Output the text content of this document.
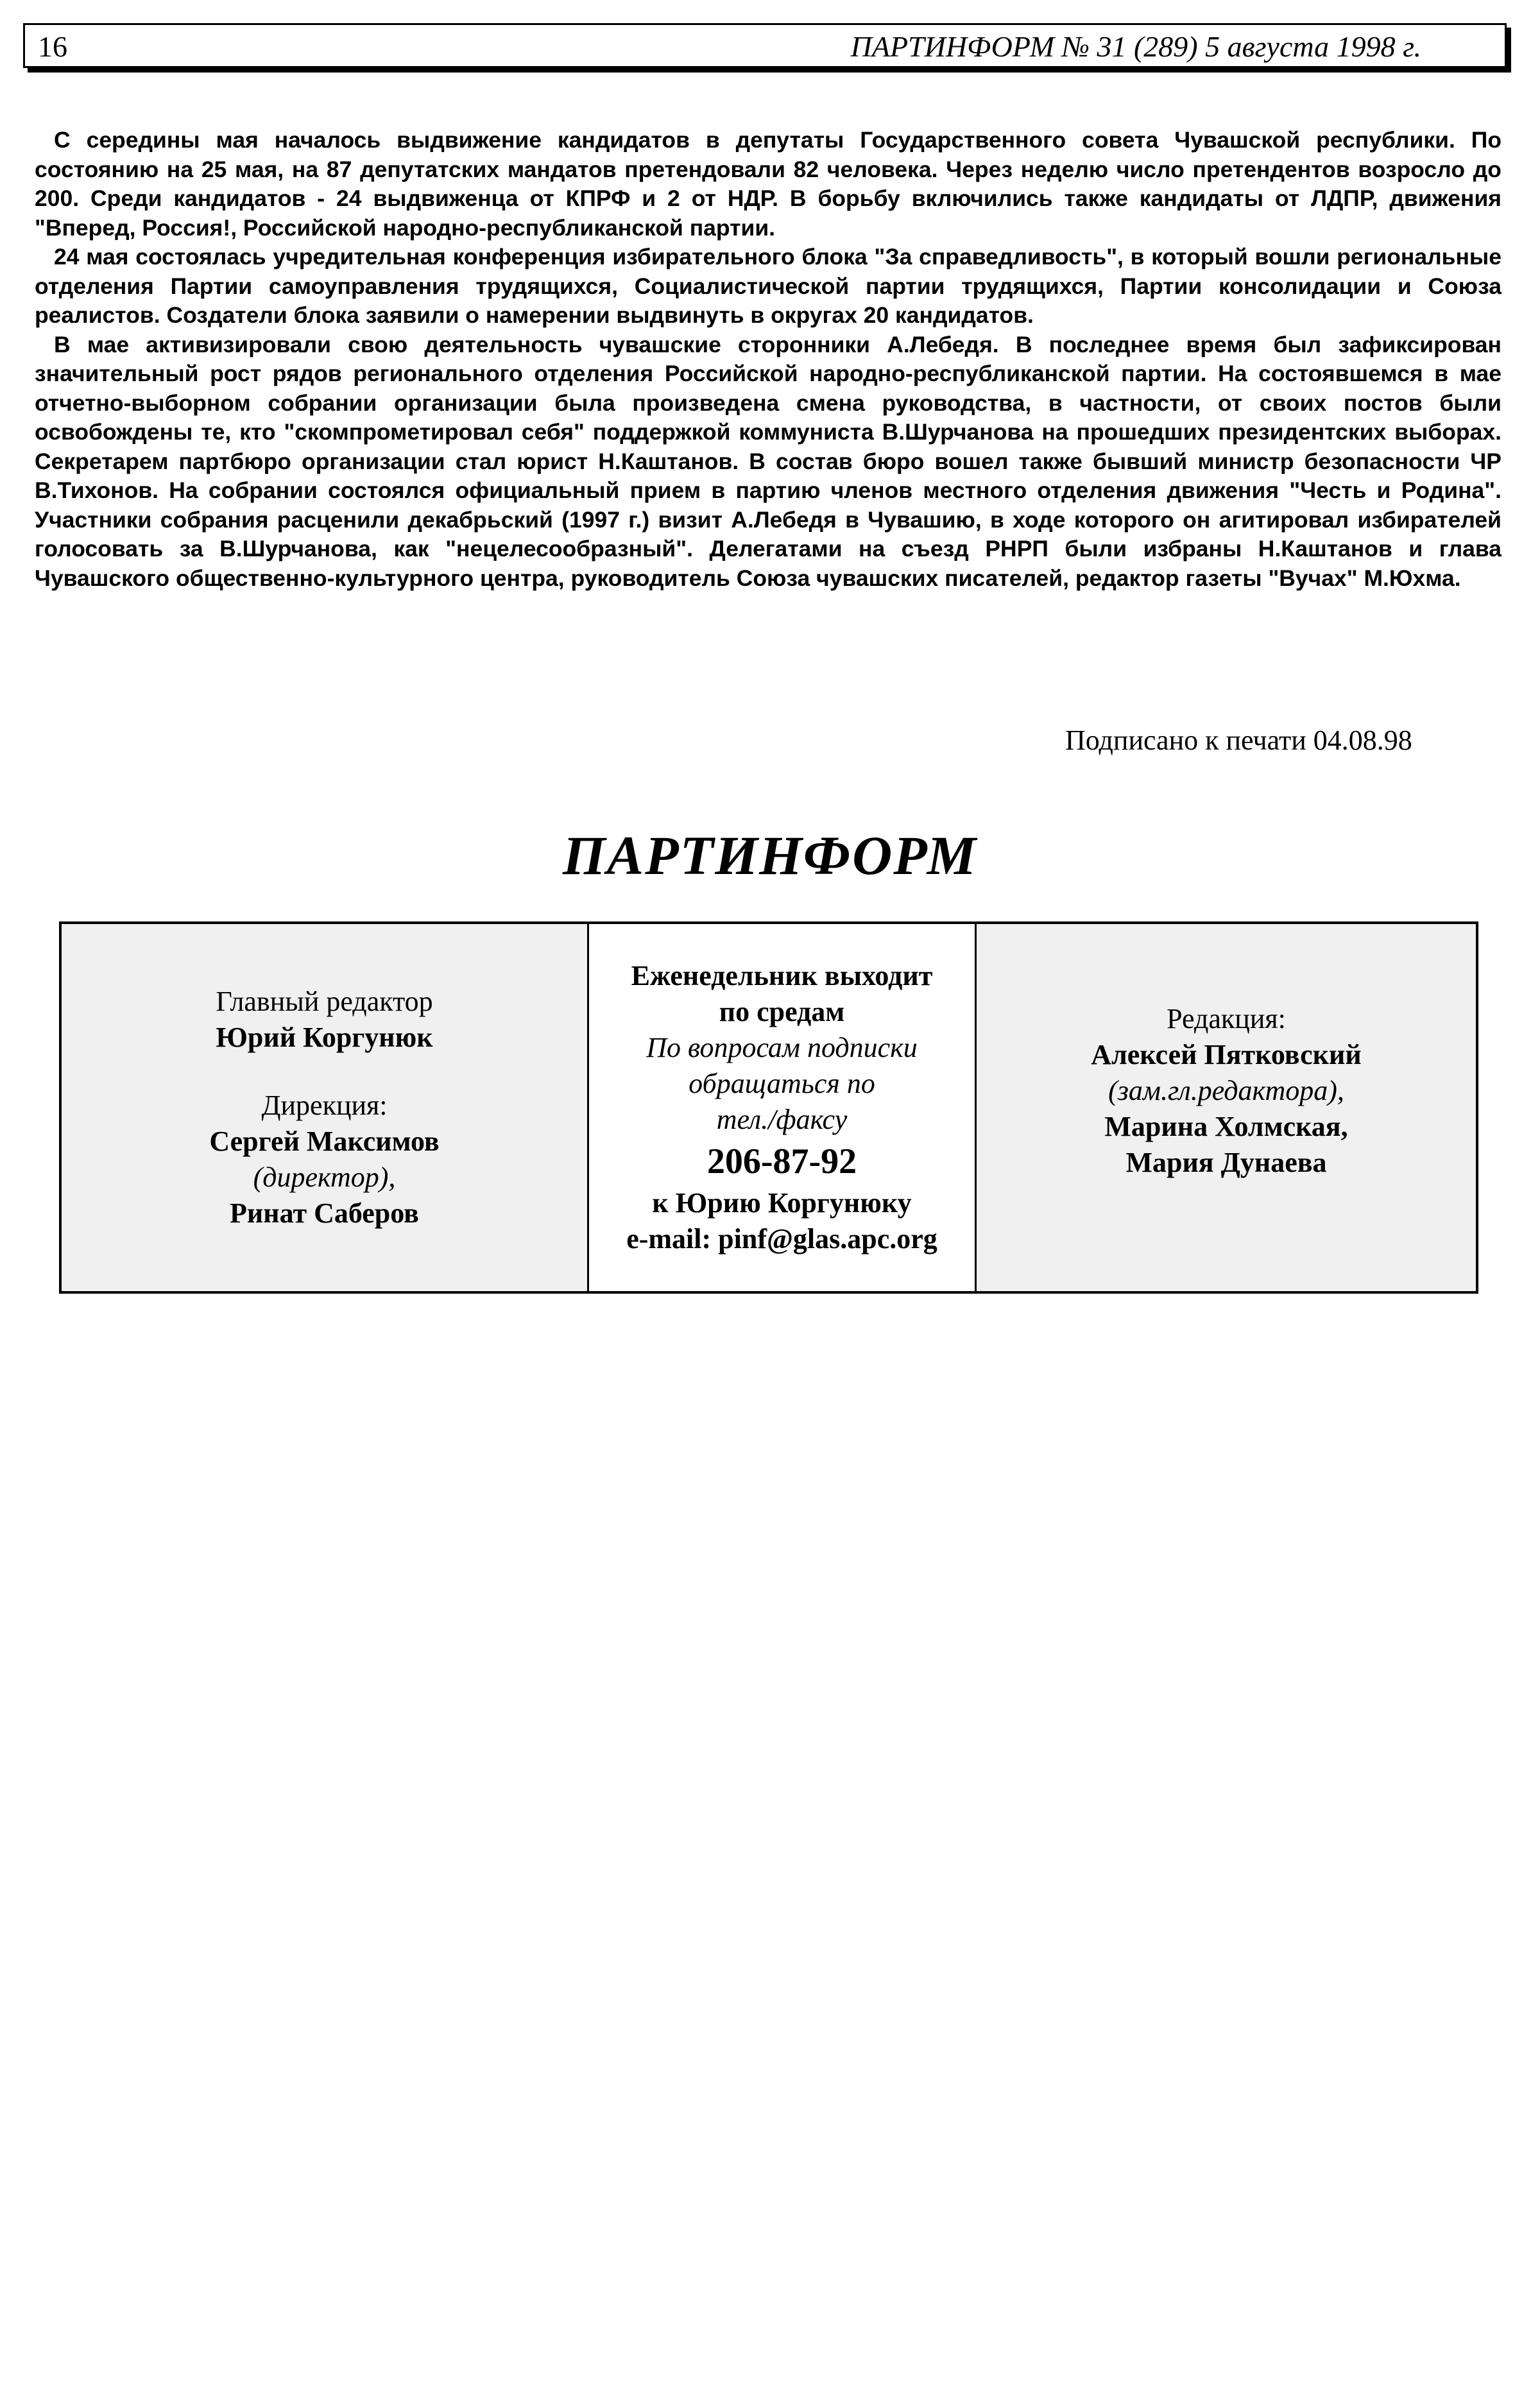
16	ПАРТИНФОРМ № 31 (289) 5 августа 1998 г.

С середины мая началось выдвижение кандидатов в депутаты Государственного совета Чувашской республики. По состоянию на 25 мая, на 87 депутатских мандатов претендовали 82 человека. Через неделю число претендентов возросло до 200. Среди кандидатов - 24 выдвиженца от КПРФ и 2 от НДР. В борьбу включились также кандидаты от ЛДПР, движения "Вперед, Россия!, Российской народно-республиканской партии.

24 мая состоялась учредительная конференция избирательного блока "За справедливость", в который вошли региональные отделения Партии самоуправления трудящихся, Социалистической партии трудящихся, Партии консолидации и Союза реалистов. Создатели блока заявили о намерении выдвинуть в округах 20 кандидатов.

В мае активизировали свою деятельность чувашские сторонники А.Лебедя. В последнее время был зафиксирован значительный рост рядов регионального отделения Российской народно-республиканской партии. На состоявшемся в мае отчетно-выборном собрании организации была произведена смена руководства, в частности, от своих постов были освобождены те, кто "скомпрометировал себя" поддержкой коммуниста В.Шурчанова на прошедших президентских выборах. Секретарем партбюро организации стал юрист Н.Каштанов. В состав бюро вошел также бывший министр безопасности ЧР В.Тихонов. На собрании состоялся официальный прием в партию членов местного отделения движения "Честь и Родина". Участники собрания расценили декабрьский (1997 г.) визит А.Лебедя в Чувашию, в ходе которого он агитировал избирателей голосовать за В.Шурчанова, как "нецелесообразный". Делегатами на съезд РНРП были избраны Н.Каштанов и глава Чувашского общественно-культурного центра, руководитель Союза чувашских писателей, редактор газеты "Вучах" М.Юхма.

Подписано к печати 04.08.98
ПАРТИНФОРМ
Главный редактор
Юрий Коргунюк
Дирекция:
Сергей Максимов
(директор),
Ринат Саберов
Еженедельник выходит
по средам
По вопросам подписки
обращаться по
тел./факсу
206-87-92
к Юрию Коргунюку
e-mail: pinf@glas.apc.org
Редакция:
Алексей Пятковский
(зам.гл.редактора),
Марина Холмская,
Мария Дунаева
